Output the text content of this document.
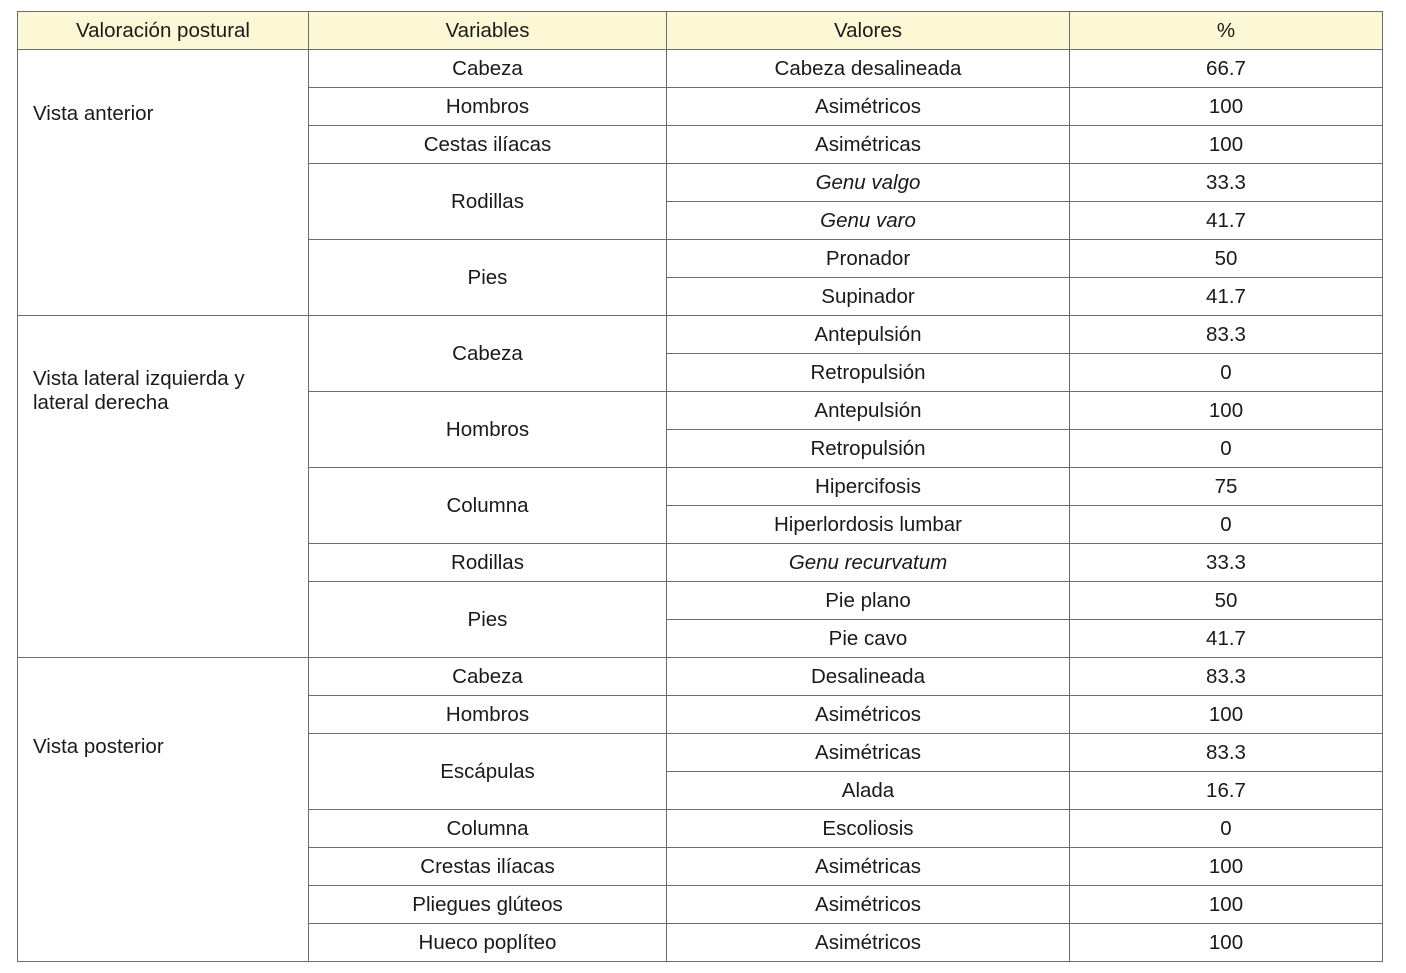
Valoración postural	Variables	Valores	%

Vista anterior	Cabeza	Cabeza desalineada	66.7
	Hombros	Asimétricos	100
	Cestas ilíacas	Asimétricas	100
	Rodillas	Genu valgo	33.3
		Genu varo	41.7
	Pies	Pronador	50
		Supinador	41.7

Vista lateral izquierda y lateral derecha	Cabeza	Antepulsión	83.3
		Retropulsión	0
	Hombros	Antepulsión	100
		Retropulsión	0
	Columna	Hipercifosis	75
		Hiperlordosis lumbar	0
	Rodillas	Genu recurvatum	33.3
	Pies	Pie plano	50
		Pie cavo	41.7

Vista posterior	Cabeza	Desalineada	83.3
	Hombros	Asimétricos	100
	Escápulas	Asimétricas	83.3
		Alada	16.7
	Columna	Escoliosis	0
	Crestas ilíacas	Asimétricas	100
	Pliegues glúteos	Asimétricos	100
	Hueco poplíteo	Asimétricos	100
